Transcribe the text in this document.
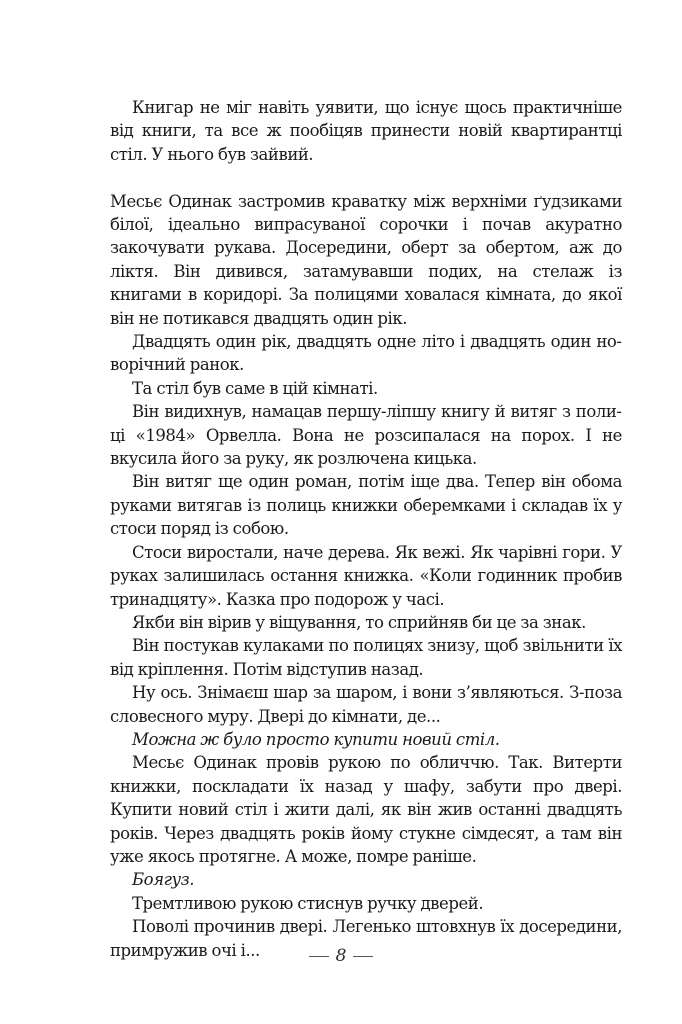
Книгар не міг навіть уявити, що існує щось практичніше від книги, та все ж пообіцяв принести новій квартирантці стіл. У нього був зайвий.

Месьє Одинак застромив краватку між верхніми ґудзиками білої, ідеально випрасуваної сорочки і почав акуратно закочувати рукава. Досередини, оберт за обертом, аж до ліктя. Він дивився, затамувавши подих, на стелаж із книгами в коридорі. За полицями ховалася кімната, до якої він не потикався двадцять один рік.

Двадцять один рік, двадцять одне літо і двадцять один новорічний ранок.

Та стіл був саме в цій кімнаті.

Він видихнув, намацав першу-ліпшу книгу й витяг з полиці «1984» Орвелла. Вона не розсипалася на порох. І не вкусила його за руку, як розлючена кицька.

Він витяг ще один роман, потім іще два. Тепер він обома руками витягав із полиць книжки оберемками і складав їх у стоси поряд із собою.

Стоси виростали, наче дерева. Як вежі. Як чарівні гори. У руках залишилась остання книжка. «Коли годинник пробив тринадцяту». Казка про подорож у часі.

Якби він вірив у віщування, то сприйняв би це за знак.

Він постукав кулаками по полицях знизу, щоб звільнити їх від кріплення. Потім відступив назад.

Ну ось. Знімаєш шар за шаром, і вони з’являються. З-поза словесного муру. Двері до кімнати, де...

Можна ж було просто купити новий стіл.

Месьє Одинак провів рукою по обличчю. Так. Витерти книжки, поскладати їх назад у шафу, забути про двері. Купити новий стіл і жити далі, як він жив останні двадцять років. Через двадцять років йому стукне сімдесят, а там він уже якось протягне. А може, помре раніше.

Боягуз.

Тремтливою рукою стиснув ручку дверей.

Поволі прочинив двері. Легенько штовхнув їх досередини, примружив очі і...	8
